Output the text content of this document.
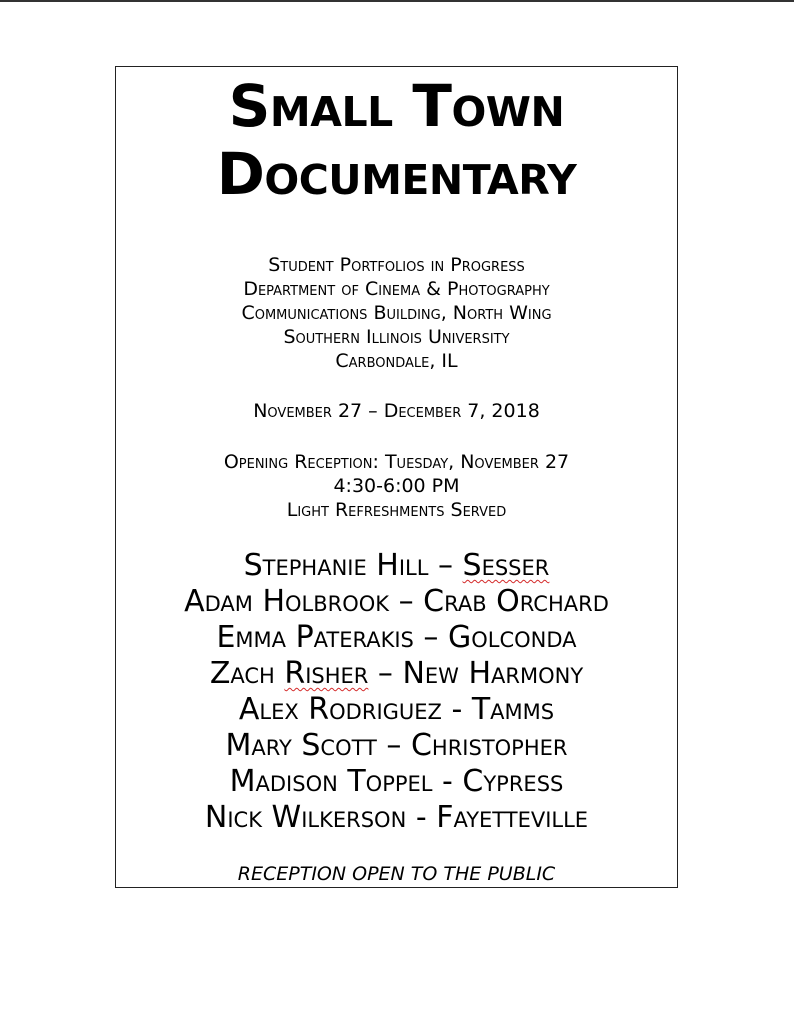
Small Town
Documentary
Student Portfolios in Progress
Department of Cinema & Photography
Communications Building, North Wing
Southern Illinois University
Carbondale, IL
November 27 – December 7, 2018
Opening Reception: Tuesday, November 27
4:30-6:00 PM
Light Refreshments Served
Stephanie Hill – Sesser
Adam Holbrook – Crab Orchard
Emma Paterakis – Golconda
Zach Risher – New Harmony
Alex Rodriguez - Tamms
Mary Scott – Christopher
Madison Toppel - Cypress
Nick Wilkerson - Fayetteville
RECEPTION OPEN TO THE PUBLIC
